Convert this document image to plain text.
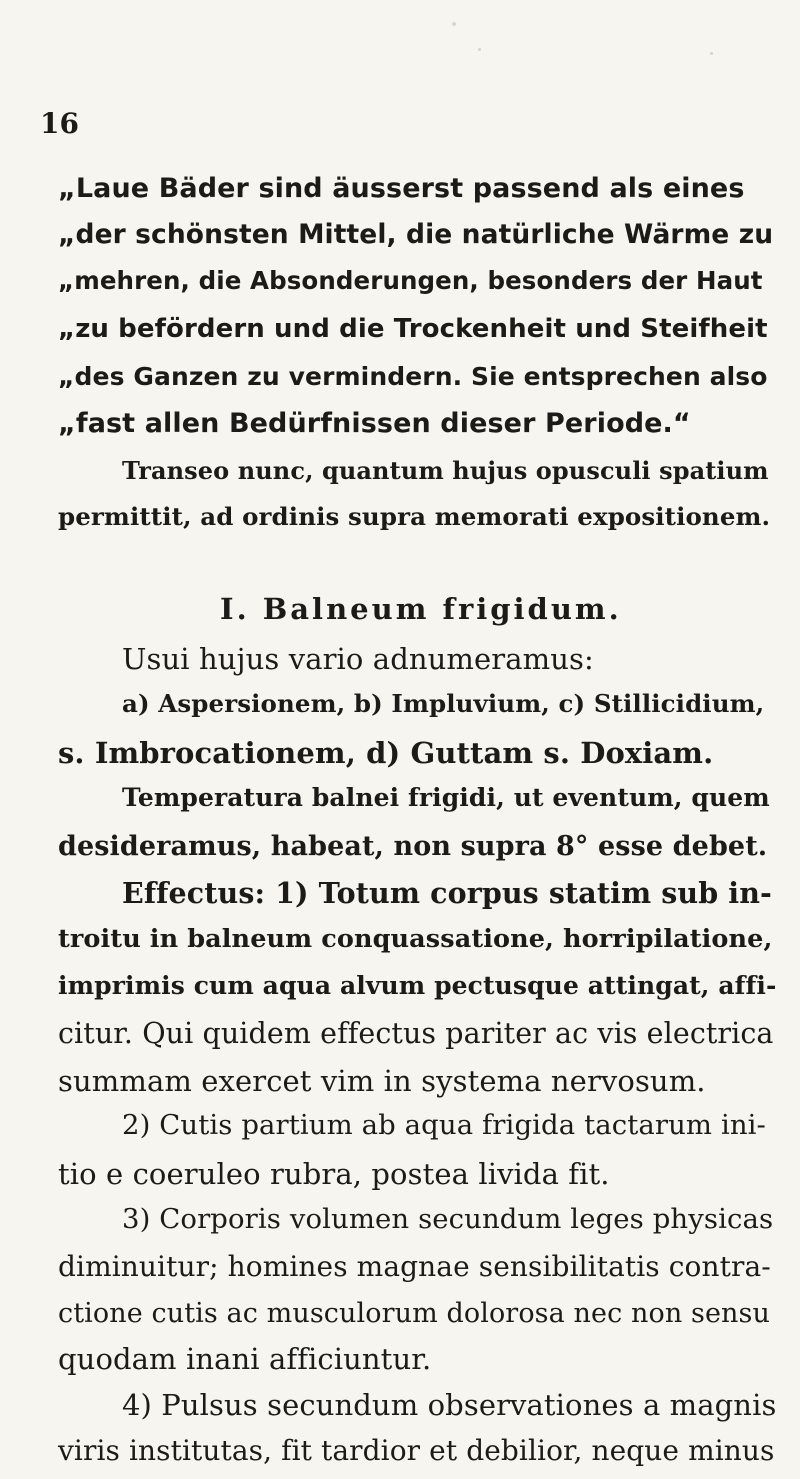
16
„Laue Bäder sind äusserst passend als eines
„der schönsten Mittel, die natürliche Wärme zu
„mehren, die Absonderungen, besonders der Haut
„zu befördern und die Trockenheit und Steifheit
„des Ganzen zu vermindern. Sie entsprechen also
„fast allen Bedürfnissen dieser Periode.“
Transeo nunc, quantum hujus opusculi spatium
permittit, ad ordinis supra memorati expositionem.
I. Balneum frigidum.
Usui hujus vario adnumeramus:
a) Aspersionem, b) Impluvium, c) Stillicidium,
s. Imbrocationem, d) Guttam s. Doxiam.
Temperatura balnei frigidi, ut eventum, quem
desideramus, habeat, non supra 8° esse debet.
Effectus: 1) Totum corpus statim sub in-
troitu in balneum conquassatione, horripilatione,
imprimis cum aqua alvum pectusque attingat, affi-
citur. Qui quidem effectus pariter ac vis electrica
summam exercet vim in systema nervosum.
2) Cutis partium ab aqua frigida tactarum ini-
tio e coeruleo rubra, postea livida fit.
3) Corporis volumen secundum leges physicas
diminuitur; homines magnae sensibilitatis contra-
ctione cutis ac musculorum dolorosa nec non sensu
quodam inani afficiuntur.
4) Pulsus secundum observationes a magnis
viris institutas, fit tardior et debilior, neque minus
